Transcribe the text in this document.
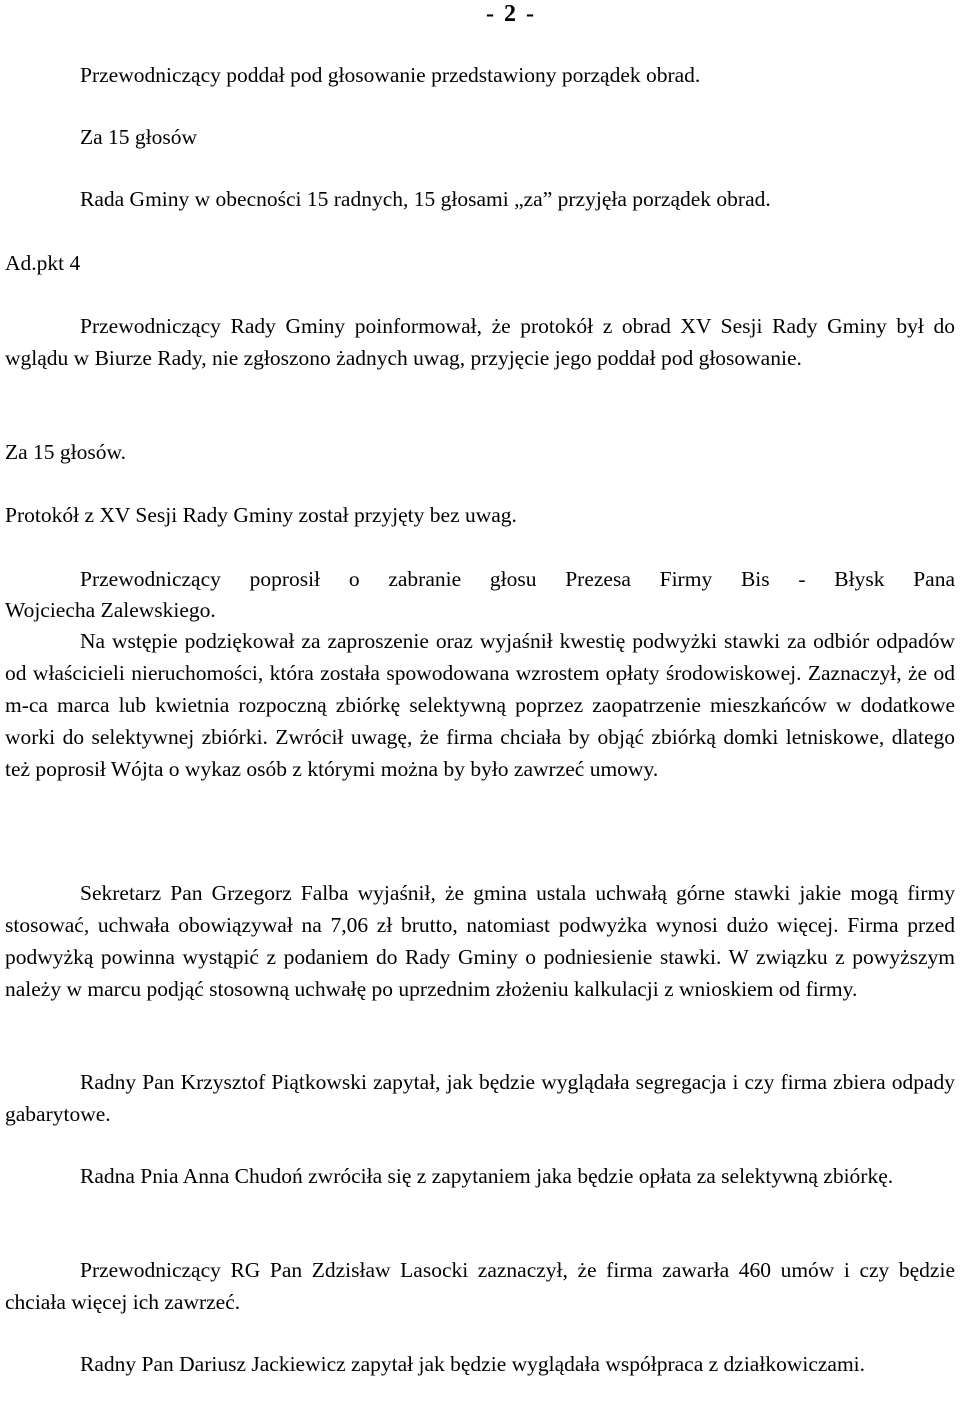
- 2 -
Przewodniczący poddał pod głosowanie przedstawiony porządek obrad.
Za 15 głosów
Rada Gminy w obecności 15 radnych, 15 głosami „za” przyjęła porządek obrad.
Ad.pkt 4
Przewodniczący Rady Gminy poinformował, że protokół z obrad XV Sesji Rady Gminy był do wglądu w Biurze Rady, nie zgłoszono żadnych uwag, przyjęcie jego poddał pod głosowanie.
Za 15 głosów.
Protokół z XV Sesji Rady Gminy został przyjęty bez uwag.
Przewodniczący poprosił o zabranie głosu Prezesa Firmy Bis - Błysk Pana
Wojciecha Zalewskiego.
Na wstępie podziękował za zaproszenie oraz wyjaśnił kwestię podwyżki stawki za odbiór odpadów od właścicieli nieruchomości, która została spowodowana wzrostem opłaty środowiskowej. Zaznaczył, że od m-ca marca lub kwietnia rozpoczną zbiórkę selektywną poprzez zaopatrzenie mieszkańców w dodatkowe worki do selektywnej zbiórki. Zwrócił uwagę, że firma chciała by objąć zbiórką domki letniskowe, dlatego też poprosił Wójta o wykaz osób z którymi można by było zawrzeć umowy.
Sekretarz Pan Grzegorz Falba wyjaśnił, że gmina ustala uchwałą górne stawki jakie mogą firmy stosować, uchwała obowiązywał na 7,06 zł brutto, natomiast podwyżka wynosi dużo więcej. Firma przed podwyżką powinna wystąpić z podaniem do Rady Gminy o podniesienie stawki. W związku z powyższym należy w marcu podjąć stosowną uchwałę po uprzednim złożeniu kalkulacji z wnioskiem od firmy.
Radny Pan Krzysztof Piątkowski zapytał, jak będzie wyglądała segregacja i czy firma zbiera odpady gabarytowe.
Radna Pnia Anna Chudoń zwróciła się z zapytaniem jaka będzie opłata za selektywną zbiórkę.
Przewodniczący RG Pan Zdzisław Lasocki zaznaczył, że firma zawarła 460 umów i czy będzie chciała więcej ich zawrzeć.
Radny Pan Dariusz Jackiewicz zapytał jak będzie wyglądała współpraca z działkowiczami.
